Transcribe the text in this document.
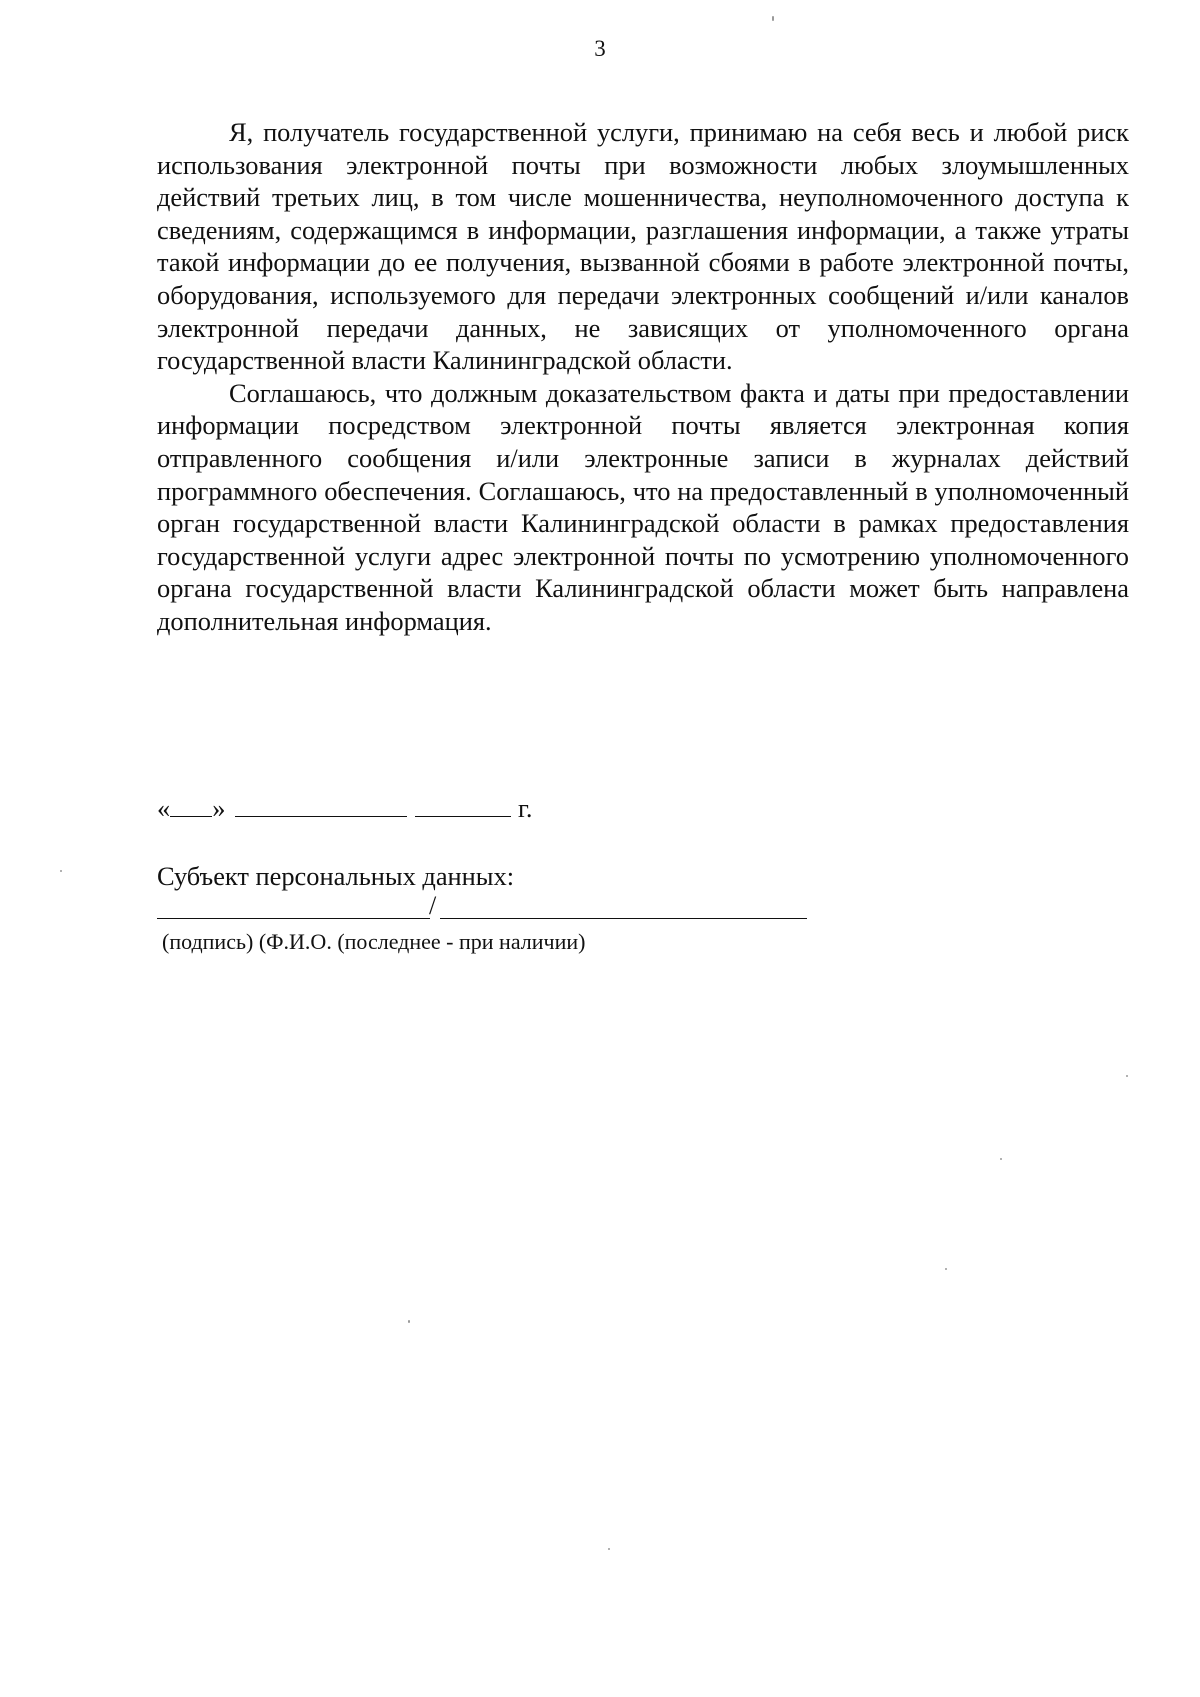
3

Я, получатель государственной услуги, принимаю на себя весь и любой риск использования электронной почты при возможности любых злоумышленных действий третьих лиц, в том числе мошенничества, неуполномоченного доступа к сведениям, содержащимся в информации, разглашения информации, а также утраты такой информации до ее получения, вызванной сбоями в работе электронной почты, оборудования, используемого для передачи электронных сообщений и/или каналов электронной передачи данных, не зависящих от уполномоченного органа государственной власти Калининградской области.

Соглашаюсь, что должным доказательством факта и даты при предоставлении информации посредством электронной почты является электронная копия отправленного сообщения и/или электронные записи в журналах действий программного обеспечения. Соглашаюсь, что на предоставленный в уполномоченный орган государственной власти Калининградской области в рамках предоставления государственной услуги адрес электронной почты по усмотрению уполномоченного органа государственной власти Калининградской области может быть направлена дополнительная информация.

« »	г.
Субъект персональных данных:
/
(подпись) (Ф.И.О. (последнее - при наличии)
